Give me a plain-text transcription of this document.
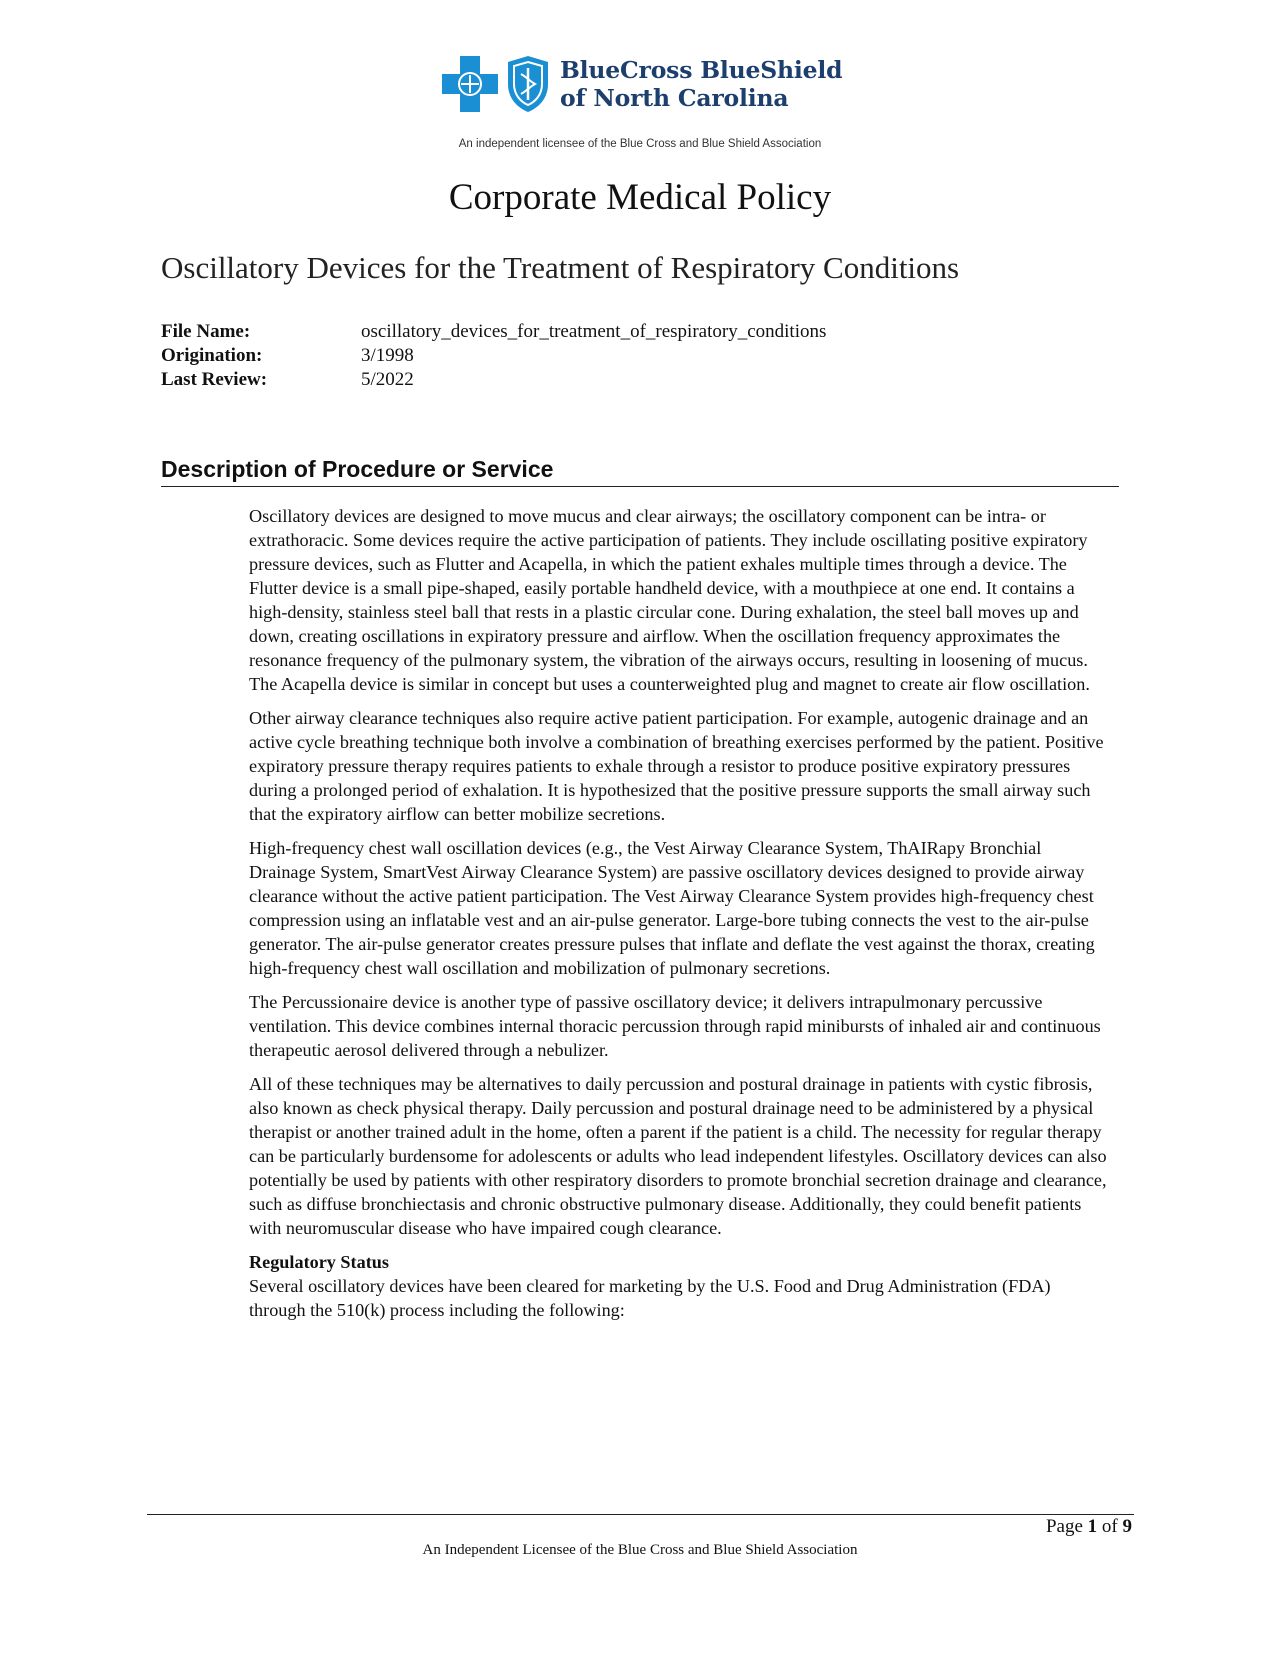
BlueCross BlueShield
of North Carolina
An independent licensee of the Blue Cross and Blue Shield Association
Corporate Medical Policy
Oscillatory Devices for the Treatment of Respiratory Conditions
File Name:	oscillatory_devices_for_treatment_of_respiratory_conditions
Origination:	3/1998
Last Review:	5/2022
Description of Procedure or Service

Oscillatory devices are designed to move mucus and clear airways; the oscillatory component can be intra- or extrathoracic. Some devices require the active participation of patients. They include oscillating positive expiratory pressure devices, such as Flutter and Acapella, in which the patient exhales multiple times through a device. The Flutter device is a small pipe-shaped, easily portable handheld device, with a mouthpiece at one end. It contains a high-density, stainless steel ball that rests in a plastic circular cone. During exhalation, the steel ball moves up and down, creating oscillations in expiratory pressure and airflow. When the oscillation frequency approximates the resonance frequency of the pulmonary system, the vibration of the airways occurs, resulting in loosening of mucus. The Acapella device is similar in concept but uses a counterweighted plug and magnet to create air flow oscillation.

Other airway clearance techniques also require active patient participation. For example, autogenic drainage and an active cycle breathing technique both involve a combination of breathing exercises performed by the patient. Positive expiratory pressure therapy requires patients to exhale through a resistor to produce positive expiratory pressures during a prolonged period of exhalation. It is hypothesized that the positive pressure supports the small airway such that the expiratory airflow can better mobilize secretions.

High-frequency chest wall oscillation devices (e.g., the Vest Airway Clearance System, ThAIRapy Bronchial Drainage System, SmartVest Airway Clearance System) are passive oscillatory devices designed to provide airway clearance without the active patient participation. The Vest Airway Clearance System provides high-frequency chest compression using an inflatable vest and an air-pulse generator. Large-bore tubing connects the vest to the air-pulse generator. The air-pulse generator creates pressure pulses that inflate and deflate the vest against the thorax, creating high-frequency chest wall oscillation and mobilization of pulmonary secretions.

The Percussionaire device is another type of passive oscillatory device; it delivers intrapulmonary percussive ventilation. This device combines internal thoracic percussion through rapid minibursts of inhaled air and continuous therapeutic aerosol delivered through a nebulizer.

All of these techniques may be alternatives to daily percussion and postural drainage in patients with cystic fibrosis, also known as check physical therapy. Daily percussion and postural drainage need to be administered by a physical therapist or another trained adult in the home, often a parent if the patient is a child. The necessity for regular therapy can be particularly burdensome for adolescents or adults who lead independent lifestyles. Oscillatory devices can also potentially be used by patients with other respiratory disorders to promote bronchial secretion drainage and clearance, such as diffuse bronchiectasis and chronic obstructive pulmonary disease. Additionally, they could benefit patients with neuromuscular disease who have impaired cough clearance.

Regulatory Status
Several oscillatory devices have been cleared for marketing by the U.S. Food and Drug Administration (FDA) through the 510(k) process including the following:
Page 1 of 9
An Independent Licensee of the Blue Cross and Blue Shield Association
